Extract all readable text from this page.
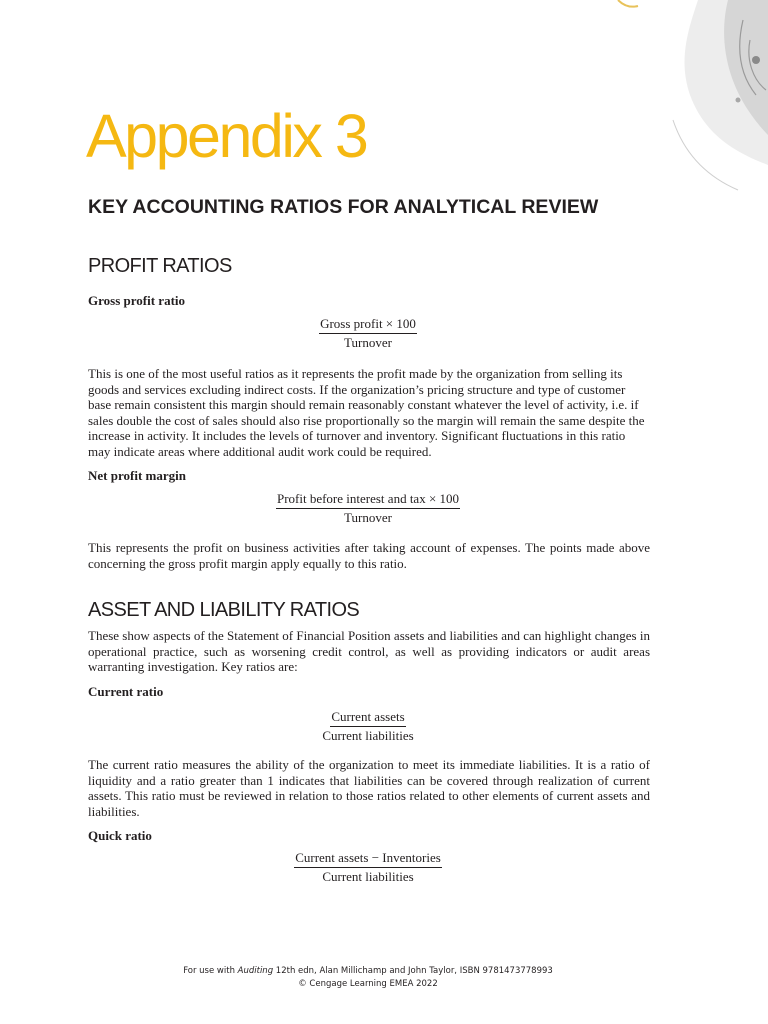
Appendix 3
KEY ACCOUNTING RATIOS FOR ANALYTICAL REVIEW
PROFIT RATIOS
Gross profit ratio
$\frac{\text{Gross profit × 100}}{\text{Turnover}}$

This is one of the most useful ratios as it represents the profit made by the organization from selling its goods and services excluding indirect costs. If the organization’s pricing structure and type of customer base remain consistent this margin should remain reasonably constant whatever the level of activity, i.e. if sales double the cost of sales should also rise proportionally so the margin will remain the same despite the increase in activity. It includes the levels of turnover and inventory. Significant fluctuations in this ratio may indicate areas where additional audit work could be required.

Net profit margin
$\frac{\text{Profit before interest and tax × 100}}{\text{Turnover}}$

This represents the profit on business activities after taking account of expenses. The points made above concerning the gross profit margin apply equally to this ratio.

ASSET AND LIABILITY RATIOS

These show aspects of the Statement of Financial Position assets and liabilities and can highlight changes in operational practice, such as worsening credit control, as well as providing indicators or audit areas warranting investigation. Key ratios are:

Current ratio
$\frac{\text{Current assets}}{\text{Current liabilities}}$

The current ratio measures the ability of the organization to meet its immediate liabilities. It is a ratio of liquidity and a ratio greater than 1 indicates that liabilities can be covered through realization of current assets. This ratio must be reviewed in relation to those ratios related to other elements of current assets and liabilities.

Quick ratio
$\frac{\text{Current assets − Inventories}}{\text{Current liabilities}}$
For use with Auditing 12th edn, Alan Millichamp and John Taylor, ISBN 9781473778993
© Cengage Learning EMEA 2022
